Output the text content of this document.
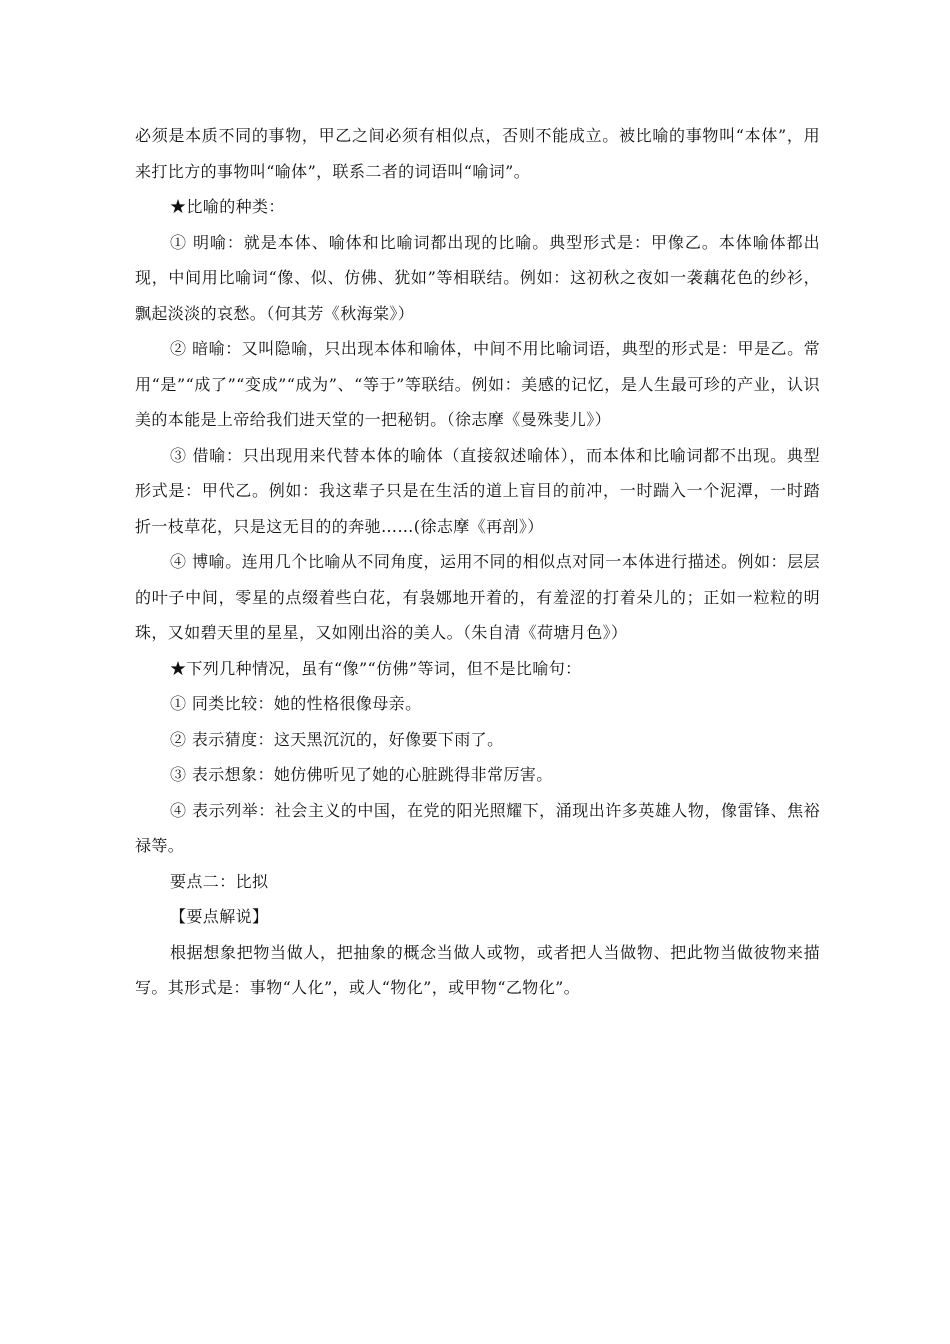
必须是本质不同的事物，甲乙之间必须有相似点，否则不能成立。被比喻的事物叫“本体”，用来打比方的事物叫“喻体”，联系二者的词语叫“喻词”。

★比喻的种类：

① 明喻：就是本体、喻体和比喻词都出现的比喻。典型形式是：甲像乙。本体喻体都出现，中间用比喻词“像、似、仿佛、犹如”等相联结。例如：这初秋之夜如一袭藕花色的纱衫，飘起淡淡的哀愁。（何其芳《秋海棠》）

② 暗喻：又叫隐喻，只出现本体和喻体，中间不用比喻词语，典型的形式是：甲是乙。常用“是”“成了”“变成”“成为”、“等于”等联结。例如：美感的记忆，是人生最可珍的产业，认识美的本能是上帝给我们进天堂的一把秘钥。（徐志摩《曼殊斐儿》）

③ 借喻：只出现用来代替本体的喻体（直接叙述喻体），而本体和比喻词都不出现。典型形式是：甲代乙。例如：我这辈子只是在生活的道上盲目的前冲，一时踹入一个泥潭，一时踏折一枝草花，只是这无目的的奔驰……(徐志摩《再剖》）

④ 博喻。连用几个比喻从不同角度，运用不同的相似点对同一本体进行描述。例如：层层的叶子中间，零星的点缀着些白花，有袅娜地开着的，有羞涩的打着朵儿的；正如一粒粒的明珠，又如碧天里的星星，又如刚出浴的美人。（朱自清《荷塘月色》）

★下列几种情况，虽有“像”“仿佛”等词，但不是比喻句：

① 同类比较：她的性格很像母亲。

② 表示猜度：这天黑沉沉的，好像要下雨了。

③ 表示想象：她仿佛听见了她的心脏跳得非常厉害。

④ 表示列举：社会主义的中国，在党的阳光照耀下，涌现出许多英雄人物，像雷锋、焦裕禄等。

要点二：比拟

【要点解说】

根据想象把物当做人，把抽象的概念当做人或物，或者把人当做物、把此物当做彼物来描写。其形式是：事物“人化”，或人“物化”，或甲物“乙物化”。
